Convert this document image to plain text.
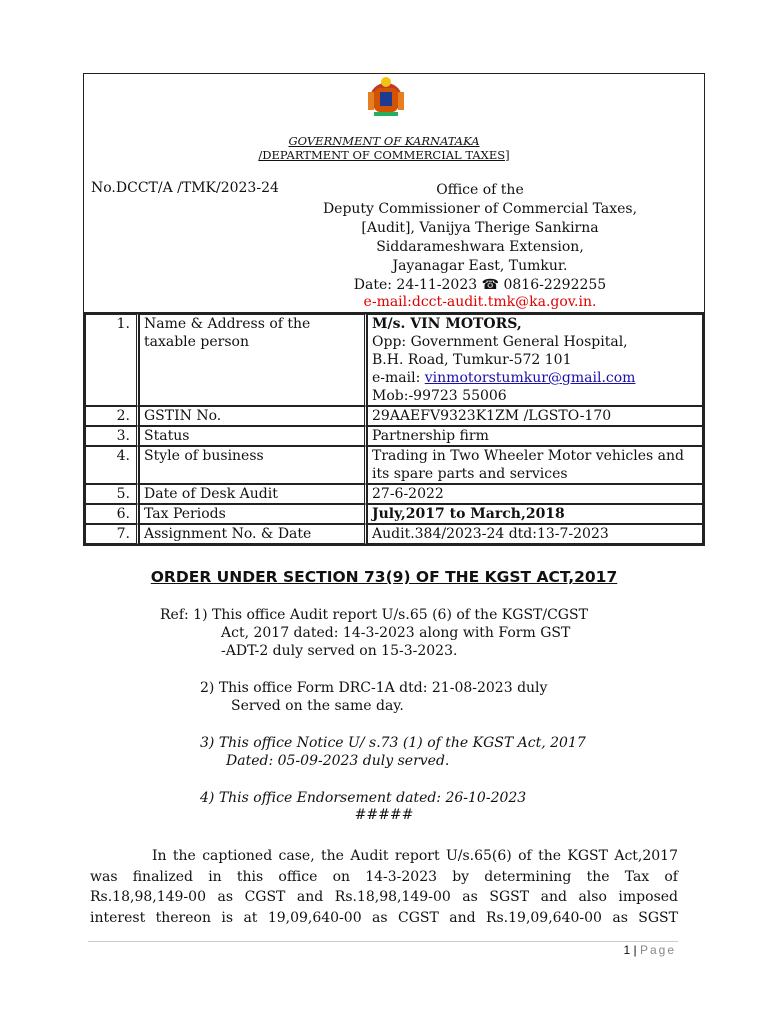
GOVERNMENT OF KARNATAKA
/DEPARTMENT OF COMMERCIAL TAXES]
No.DCCT/A /TMK/2023-24	Office of the
Deputy Commissioner of Commercial Taxes,
[Audit], Vanijya Therige Sankirna
Siddarameshwara Extension,
Jayanagar East, Tumkur.
Date: 24-11-2023 ☎ 0816-2292255
e-mail:dcct-audit.tmk@ka.gov.in.
1.	Name & Address of the taxable person	M/s. VIN MOTORS,
Opp: Government General Hospital,
B.H. Road, Tumkur-572 101
e-mail: vinmotorstumkur@gmail.com
Mob:-99723 55006

2.	GSTIN No.	29AAEFV9323K1ZM /LGSTO-170
3.	Status	Partnership firm
4.	Style of business	Trading in Two Wheeler Motor vehicles and its spare parts and services
5.	Date of Desk Audit	27-6-2022
6.	Tax Periods	July,2017 to March,2018
7.	Assignment No. & Date	Audit.384/2023-24 dtd:13-7-2023
ORDER UNDER SECTION 73(9) OF THE KGST ACT,2017
Ref: 1) This office Audit report U/s.65 (6) of the KGST/CGST
Act, 2017 dated: 14-3-2023 along with Form GST
-ADT-2 duly served on 15-3-2023.
2) This office Form DRC-1A dtd: 21-08-2023 duly
Served on the same day.
3) This office Notice U/ s.73 (1) of the KGST Act, 2017
Dated: 05-09-2023 duly served.
4) This office Endorsement dated: 26-10-2023
#####

In the captioned case, the Audit report U/s.65(6) of the KGST Act,2017

was finalized in this office on 14-3-2023 by determining the Tax of
Rs.18,98,149-00 as CGST and Rs.18,98,149-00 as SGST and also imposed
interest thereon is at 19,09,640-00 as CGST and Rs.19,09,640-00 as SGST
1 | Page
